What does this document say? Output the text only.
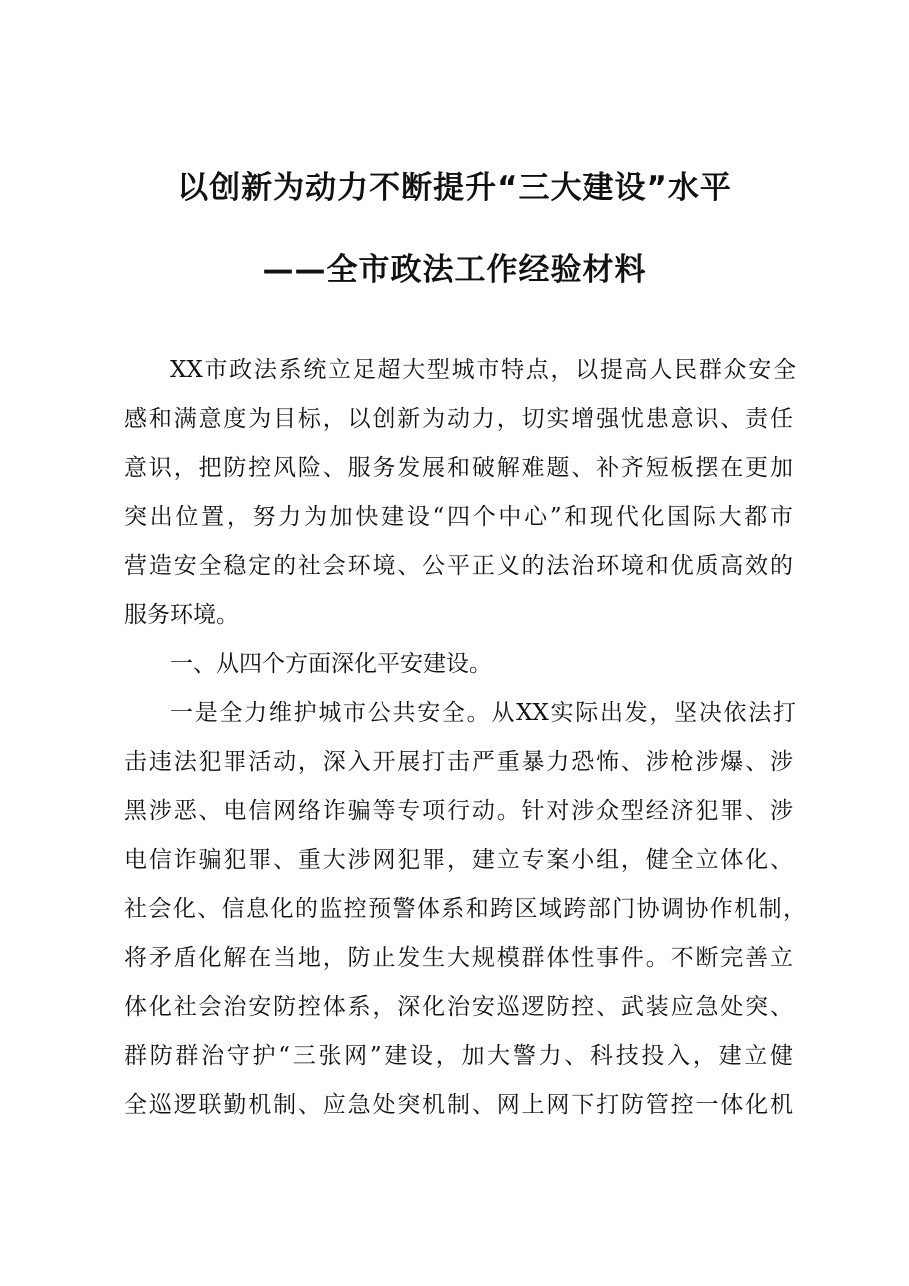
以创新为动力不断提升“三大建设”水平
——全市政法工作经验材料

XX市政法系统立足超大型城市特点，以提高人民群众安全

感和满意度为目标，以创新为动力，切实增强忧患意识、责任

意识，把防控风险、服务发展和破解难题、补齐短板摆在更加

突出位置，努力为加快建设“四个中心”和现代化国际大都市

营造安全稳定的社会环境、公平正义的法治环境和优质高效的

服务环境。

一、从四个方面深化平安建设。

一是全力维护城市公共安全。从XX实际出发，坚决依法打

击违法犯罪活动，深入开展打击严重暴力恐怖、涉枪涉爆、涉

黑涉恶、电信网络诈骗等专项行动。针对涉众型经济犯罪、涉

电信诈骗犯罪、重大涉网犯罪，建立专案小组，健全立体化、

社会化、信息化的监控预警体系和跨区域跨部门协调协作机制，

将矛盾化解在当地，防止发生大规模群体性事件。不断完善立

体化社会治安防控体系，深化治安巡逻防控、武装应急处突、

群防群治守护“三张网”建设，加大警力、科技投入，建立健

全巡逻联勤机制、应急处突机制、网上网下打防管控一体化机
